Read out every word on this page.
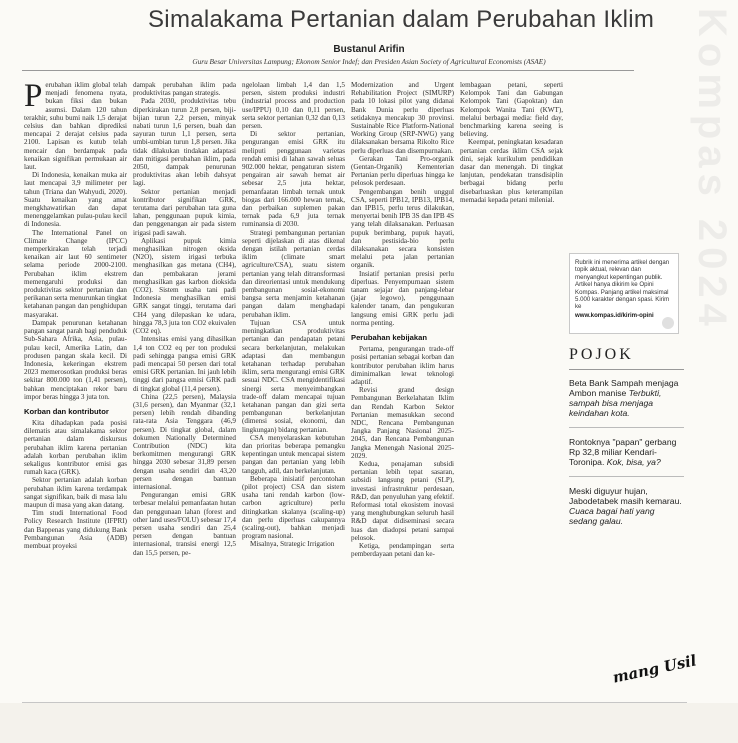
Kompas 2024
Simalakama Pertanian dalam Perubahan Iklim
Bustanul Arifin
Guru Besar Universitas Lampung; Ekonom Senior Indef; dan Presiden Asian Society of Agricultural Economists (ASAE)
P erubahan iklim global telah menjadi fenomena nyata, bukan fiksi dan bukan asumsi. Dalam 120 tahun terakhir, suhu bumi naik 1,5 derajat celsius dan bahkan diprediksi mencapai 2 derajat celsius pada 2100. Lapisan es kutub telah mencair dan berdampak pada kenaikan signifikan permukaan air laut.

Di Indonesia, kenaikan muka air laut mencapai 3,9 milimeter per tahun (Triana dan Wahyudi, 2020). Suatu kenaikan yang amat mengkhawatirkan dan dapat menenggelamkan pulau-pulau kecil di Indonesia.

The International Panel on Climate Change (IPCC) memperkirakan telah terjadi kenaikan air laut 60 sentimeter selama periode 2000-2100. Perubahan iklim ekstrem memengaruhi produksi dan produktivitas sektor pertanian dan perikanan serta menurunkan tingkat ketahanan pangan dan penghidupan masyarakat.

Dampak penurunan ketahanan pangan sangat parah bagi penduduk Sub-Sahara Afrika, Asia, pulau-pulau kecil, Amerika Latin, dan produsen pangan skala kecil. Di Indonesia, kekeringan ekstrem 2023 memerosotkan produksi beras sekitar 800.000 ton (1,41 persen), bahkan menciptakan rekor baru impor beras hingga 3 juta ton.

Korban dan kontributor

Kita dihadapkan pada posisi dilematis atau simalakama sektor pertanian dalam diskursus perubahan iklim karena pertanian adalah korban perubahan iklim sekaligus kontributor emisi gas rumah kaca (GRK).

Sektor pertanian adalah korban perubahan iklim karena terdampak sangat signifikan, baik di masa lalu maupun di masa yang akan datang.

Tim studi International Food Policy Research Institute (IFPRI) dan Bappenas yang didukung Bank Pembangunan Asia (ADB) membuat proyeksi

dampak perubahan iklim pada produktivitas pangan strategis.

Pada 2030, produktivitas tebu diperkirakan turun 2,8 persen, biji-bijian turun 2,2 persen, minyak nabati turun 1,6 persen, buah dan sayuran turun 1,1 persen, serta umbi-umbian turun 1,8 persen. Jika tidak dilakukan tindakan adaptasi dan mitigasi perubahan iklim, pada 2050, dampak penurunan produktivitas akan lebih dahsyat lagi.

Sektor pertanian menjadi kontributor signifikan GRK, terutama dari perubahan tata guna lahan, penggunaan pupuk kimia, dan penggenangan air pada sistem irigasi padi sawah.

Aplikasi pupuk kimia menghasilkan nitrogen oksida (N2O), sistem irigasi terbuka menghasilkan gas metana (CH4), dan pembakaran jerami menghasilkan gas karbon dioksida (CO2). Sistem usaha tani padi Indonesia menghasilkan emisi GRK sangat tinggi, terutama dari CH4 yang dilepaskan ke udara, hingga 78,3 juta ton CO2 ekuivalen (CO2 eq).

Intensitas emisi yang dihasilkan 1,4 ton CO2 eq per ton produksi padi sehingga pangsa emisi GRK padi mencapai 50 persen dari total emisi GRK pertanian. Ini jauh lebih tinggi dari pangsa emisi GRK padi di tingkat global (11,4 persen).

China (22,5 persen), Malaysia (31,6 persen), dan Myanmar (32,1 persen) lebih rendah dibanding rata-rata Asia Tenggara (46,9 persen). Di tingkat global, dalam dokumen Nationally Determined Contribution (NDC) kita berkomitmen mengurangi GRK hingga 2030 sebesar 31,89 persen dengan usaha sendiri dan 43,20 persen dengan bantuan internasional.

Pengurangan emisi GRK terbesar melalui pemanfaatan hutan dan penggunaan lahan (forest and other land uses/FOLU) sebesar 17,4 persen usaha sendiri dan 25,4 persen dengan bantuan internasional, transisi energi 12,5 dan 15,5 persen, pe-

ngelolaan limbah 1,4 dan 1,5 persen, sistem produksi industri (industrial process and production use/IPPU) 0,10 dan 0,11 persen, serta sektor pertanian 0,32 dan 0,13 persen.

Di sektor pertanian, pengurangan emisi GRK itu meliputi penggunaan varietas rendah emisi di lahan sawah seluas 902.000 hektar, pengaturan sistem pengairan air sawah hemat air sebesar 2,5 juta hektar, pemanfaatan limbah ternak untuk biogas dari 166.000 hewan ternak, dan perbaikan suplemen pakan ternak pada 6,9 juta ternak ruminansia di 2030.

Strategi pembangunan pertanian seperti dijelaskan di atas dikenal dengan istilah pertanian cerdas iklim (climate smart agriculture/CSA), suatu sistem pertanian yang telah ditransformasi dan direorientasi untuk mendukung pembangunan sosial-ekonomi bangsa serta menjamin ketahanan pangan dalam menghadapi perubahan iklim.

Tujuan CSA untuk meningkatkan produktivitas pertanian dan pendapatan petani secara berkelanjutan, melakukan adaptasi dan membangun ketahanan terhadap perubahan iklim, serta mengurangi emisi GRK sesuai NDC. CSA mengidentifikasi sinergi serta menyeimbangkan trade-off dalam mencapai tujuan ketahanan pangan dan gizi serta pembangunan berkelanjutan (dimensi sosial, ekonomi, dan lingkungan) bidang pertanian.

CSA menyelaraskan kebutuhan dan prioritas beberapa pemangku kepentingan untuk mencapai sistem pangan dan pertanian yang lebih tangguh, adil, dan berkelanjutan.

Beberapa inisiatif percontohan (pilot project) CSA dan sistem usaha tani rendah karbon (low-carbon agriculture) perlu ditingkatkan skalanya (scaling-up) dan perlu diperluas cakupannya (scaling-out), bahkan menjadi program nasional.

Misalnya, Strategic Irrigation

Modernization and Urgent Rehabilitation Project (SIMURP) pada 10 lokasi pilot yang didanai Bank Dunia perlu diperluas setidaknya mencakup 30 provinsi. Sustainable Rice Platform-National Working Group (SRP-NWG) yang dilaksanakan bersama Rikolto Rice perlu diperluas dan disempurnakan.

Gerakan Tani Pro-organik (Gentan-Organik) Kementerian Pertanian perlu diperluas hingga ke pelosok perdesaan.

Pengembangan benih unggul CSA, seperti IPB12, IPB13, IPB14, dan IPB15, perlu terus dilakukan, menyertai benih IPB 3S dan IPB 4S yang telah dilaksanakan. Perluasan pupuk berimbang, pupuk hayati, dan pestisida-bio perlu dilaksanakan secara konsisten melalui peta jalan pertanian organik.

Insiatif pertanian presisi perlu diperluas. Penyempurnaan sistem tanam sejajar dan panjang-lebar (jajar legowo), penggunaan kalender tanam, dan pengukuran langsung emisi GRK perlu jadi norma penting.

Perubahan kebijakan

Pertama, pengurangan trade-off posisi pertanian sebagai korban dan kontributor perubahan iklim harus diminimalkan lewat teknologi adaptif.

Revisi grand design Pembangunan Berkelahatan Iklim dan Rendah Karbon Sektor Pertanian memasukkan second NDC, Rencana Pembangunan Jangka Panjang Nasional 2025-2045, dan Rencana Pembangunan Jangka Menengah Nasional 2025-2029.

Kedua, penajaman subsidi pertanian lebih tepat sasaran, subsidi langsung petani (SLP), investasi infrastruktur perdesaan, R&D, dan penyuluhan yang efektif. Reformasi total ekosistem inovasi yang menghubungkan seluruh hasil R&D dapat didiseminasi secara luas dan diadopsi petani sampai pelosok.

Ketiga, pendampingan serta pemberdayaan petani dan ke-

lembagaan petani, seperti Kelompok Tani dan Gabungan Kelompok Tani (Gapoktan) dan Kelompok Wanita Tani (KWT), melalui berbagai media: field day, benchmarking karena seeing is believing.

Keempat, peningkatan kesadaran pertanian cerdas iklim CSA sejak dini, sejak kurikulum pendidikan dasar dan menengah. Di tingkat lanjutan, pendekatan transdisiplin berbagai bidang perlu disebarluaskan plus keterampilan memadai kepada petani milenial.

Rubrik ini menerima artikel dengan topik aktual, relevan dan menyangkut kepentingan publik. Artikel hanya dikirim ke Opini Kompas. Panjang artikel maksimal 5.000 karakter dengan spasi. Kirim ke
www.kompas.id/kirim-opini
POJOK
Beta Bank Sampah menjaga Ambon manise Terbukti, sampah bisa menjaga keindahan kota.
Rontoknya "papan" gerbang Rp 32,8 miliar Kendari-Toronipa. Kok, bisa, ya?
Meski diguyur hujan, Jabodetabek masih kemarau. Cuaca bagai hati yang sedang galau.
mang Usil
